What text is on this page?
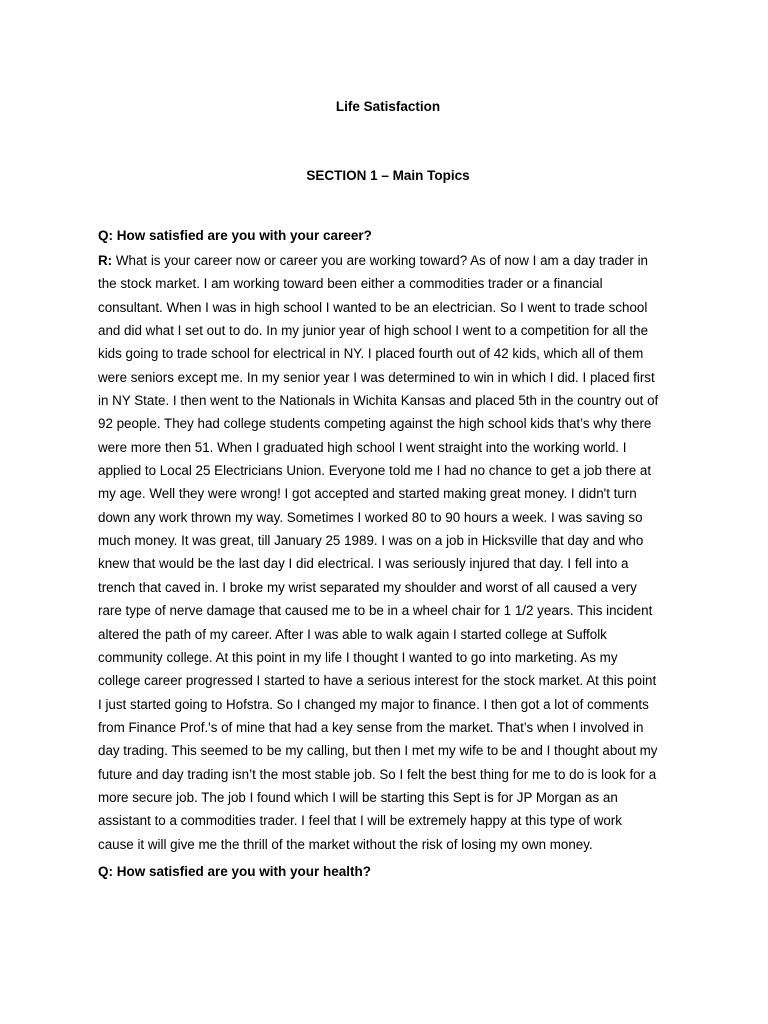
Life Satisfaction
SECTION 1 – Main Topics
Q: How satisfied are you with your career?
R: What is your career now or career you are working toward? As of now I am a day trader in
the stock market. I am working toward been either a commodities trader or a financial
consultant. When I was in high school I wanted to be an electrician. So I went to trade school
and did what I set out to do. In my junior year of high school I went to a competition for all the
kids going to trade school for electrical in NY. I placed fourth out of 42 kids, which all of them
were seniors except me. In my senior year I was determined to win in which I did. I placed first
in NY State. I then went to the Nationals in Wichita Kansas and placed 5th in the country out of
92 people. They had college students competing against the high school kids that’s why there
were more then 51. When I graduated high school I went straight into the working world. I
applied to Local 25 Electricians Union. Everyone told me I had no chance to get a job there at
my age. Well they were wrong! I got accepted and started making great money. I didn't turn
down any work thrown my way. Sometimes I worked 80 to 90 hours a week. I was saving so
much money. It was great, till January 25 1989. I was on a job in Hicksville that day and who
knew that would be the last day I did electrical. I was seriously injured that day. I fell into a
trench that caved in. I broke my wrist separated my shoulder and worst of all caused a very
rare type of nerve damage that caused me to be in a wheel chair for 1 1/2 years. This incident
altered the path of my career. After I was able to walk again I started college at Suffolk
community college. At this point in my life I thought I wanted to go into marketing. As my
college career progressed I started to have a serious interest for the stock market. At this point
I just started going to Hofstra. So I changed my major to finance. I then got a lot of comments
from Finance Prof.'s of mine that had a key sense from the market. That’s when I involved in
day trading. This seemed to be my calling, but then I met my wife to be and I thought about my
future and day trading isn’t the most stable job. So I felt the best thing for me to do is look for a
more secure job. The job I found which I will be starting this Sept is for JP Morgan as an
assistant to a commodities trader. I feel that I will be extremely happy at this type of work
cause it will give me the thrill of the market without the risk of losing my own money.
Q: How satisfied are you with your health?
